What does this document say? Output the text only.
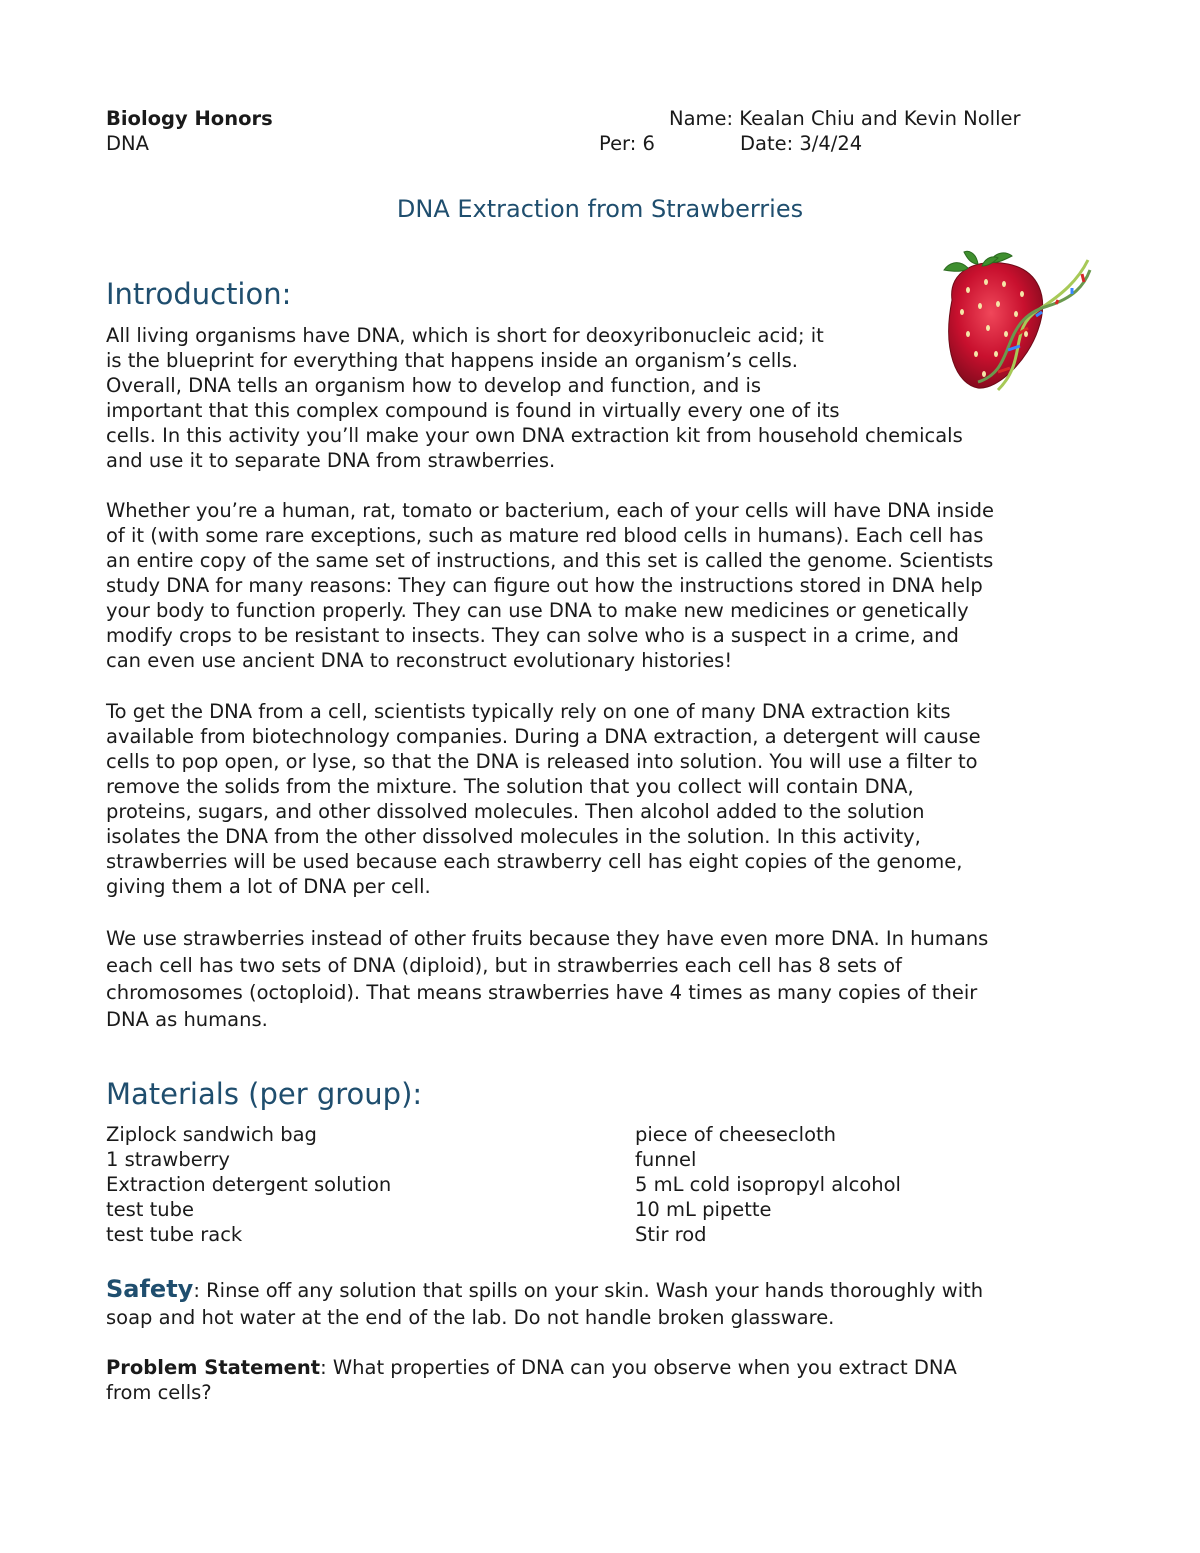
Biology Honors	Name: Kealan Chiu and Kevin Noller
DNA	Per: 6	Date: 3/4/24
DNA Extraction from Strawberries
Introduction:
All living organisms have DNA, which is short for deoxyribonucleic acid; it
is the blueprint for everything that happens inside an organism’s cells.
Overall, DNA tells an organism how to develop and function, and is
important that this complex compound is found in virtually every one of its
cells. In this activity you’ll make your own DNA extraction kit from household chemicals
and use it to separate DNA from strawberries.
Whether you’re a human, rat, tomato or bacterium, each of your cells will have DNA inside
of it (with some rare exceptions, such as mature red blood cells in humans). Each cell has
an entire copy of the same set of instructions, and this set is called the genome. Scientists
study DNA for many reasons: They can figure out how the instructions stored in DNA help
your body to function properly. They can use DNA to make new medicines or genetically
modify crops to be resistant to insects. They can solve who is a suspect in a crime, and
can even use ancient DNA to reconstruct evolutionary histories!
To get the DNA from a cell, scientists typically rely on one of many DNA extraction kits
available from biotechnology companies. During a DNA extraction, a detergent will cause
cells to pop open, or lyse, so that the DNA is released into solution. You will use a filter to
remove the solids from the mixture. The solution that you collect will contain DNA,
proteins, sugars, and other dissolved molecules. Then alcohol added to the solution
isolates the DNA from the other dissolved molecules in the solution. In this activity,
strawberries will be used because each strawberry cell has eight copies of the genome,
giving them a lot of DNA per cell.
We use strawberries instead of other fruits because they have even more DNA. In humans
each cell has two sets of DNA (diploid), but in strawberries each cell has 8 sets of
chromosomes (octoploid). That means strawberries have 4 times as many copies of their
DNA as humans.
Materials (per group):
Ziplock sandwich bag
1 strawberry
Extraction detergent solution
test tube
test tube rack
piece of cheesecloth
funnel
5 mL cold isopropyl alcohol
10 mL pipette
Stir rod
Safety: Rinse off any solution that spills on your skin. Wash your hands thoroughly with
soap and hot water at the end of the lab. Do not handle broken glassware.
Problem Statement: What properties of DNA can you observe when you extract DNA
from cells?
